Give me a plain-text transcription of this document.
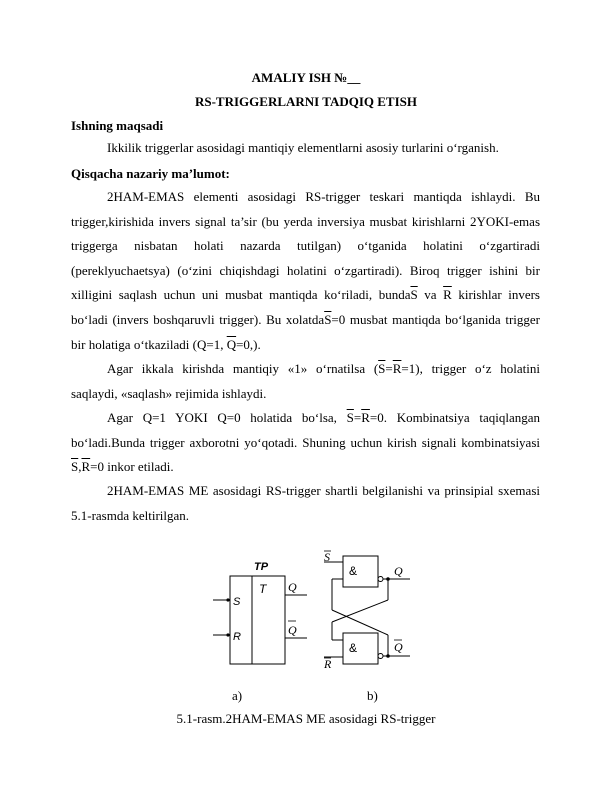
AMALIY ISH №__
RS-TRIGGERLARNI TADQIQ ETISH
Ishning maqsadi
Ikkilik triggerlar asosidagi mantiqiy elementlarni asosiy turlarini o‘rganish.
Qisqacha nazariy ma’lumot:
2HAM-EMAS elementi asosidagi RS-trigger teskari mantiqda ishlaydi. Bu trigger,kirishida invers signal ta’sir (bu yerda inversiya musbat kirishlarni 2YOKI-emas triggerga nisbatan holati nazarda tutilgan) o‘tganida holatini o‘zgartiradi (pereklyuchaetsya) (o‘zini chiqishdagi holatini o‘zgartiradi). Biroq trigger ishini bir xilligini saqlash uchun uni musbat mantiqda ko‘riladi, $bunda\overline{S}$ va $\overline{R}$ kirishlar invers bo‘ladi (invers boshqaruvli trigger). Bu $xolatda\overline{S}=0$ musbat mantiqda bo‘lganida trigger bir holatiga o‘tkaziladi (Q=1, $\overline{Q}=0$,).
Agar ikkala kirishda mantiqiy «1» o‘rnatilsa $(\overline{S}=\overline{R}=1)$, trigger o‘z holatini saqlaydi, «saqlash» rejimida ishlaydi.
Agar Q=1 YOKI Q=0 holatida bo‘lsa, $\overline{S}=\overline{R}=0$. Kombinatsiya taqiqlangan bo‘ladi.Bunda trigger axborotni yo‘qotadi. Shuning uchun kirish signali kombinatsiyasi $\overline{S},\overline{R}=0$ inkor etiladi.
2HAM-EMAS ME asosidagi RS-trigger shartli belgilanishi va prinsipial sxemasi 5.1-rasmda keltirilgan.
TP
T
S
R
Q
Q
&
&
S
R
Q
Q
a)	b)
5.1-rasm.2HAM-EMAS ME asosidagi RS-trigger
